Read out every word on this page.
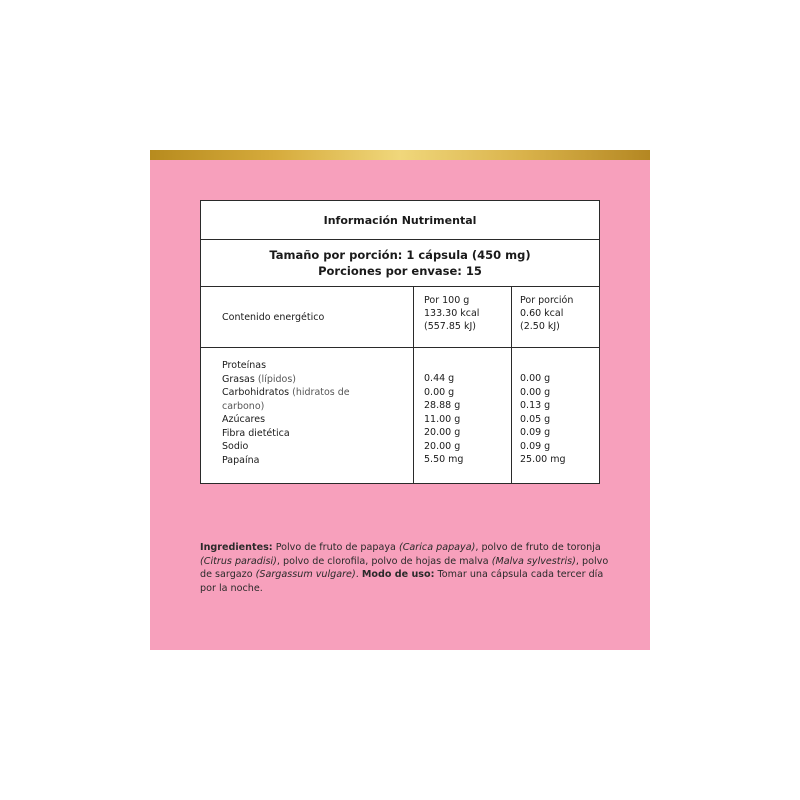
Información Nutrimental
Tamaño por porción: 1 cápsula (450 mg)
Porciones por envase: 15
Contenido energético
Por 100 g
133.30 kcal
(557.85 kJ)
Por porción
0.60 kcal
(2.50 kJ)
Proteínas
Grasas (lípidos)
Carbohidratos (hidratos de
carbono)
Azúcares
Fibra dietética
Sodio
Papaína
0.44 g
0.00 g
28.88 g
11.00 g
20.00 g
20.00 g
5.50 mg
0.00 g
0.00 g
0.13 g
0.05 g
0.09 g
0.09 g
25.00 mg
Ingredientes: Polvo de fruto de papaya (Carica papaya), polvo de fruto de toronja (Citrus paradisi), polvo de clorofila, polvo de hojas de malva (Malva sylvestris), polvo de sargazo (Sargassum vulgare). Modo de uso: Tomar una cápsula cada tercer día por la noche.
